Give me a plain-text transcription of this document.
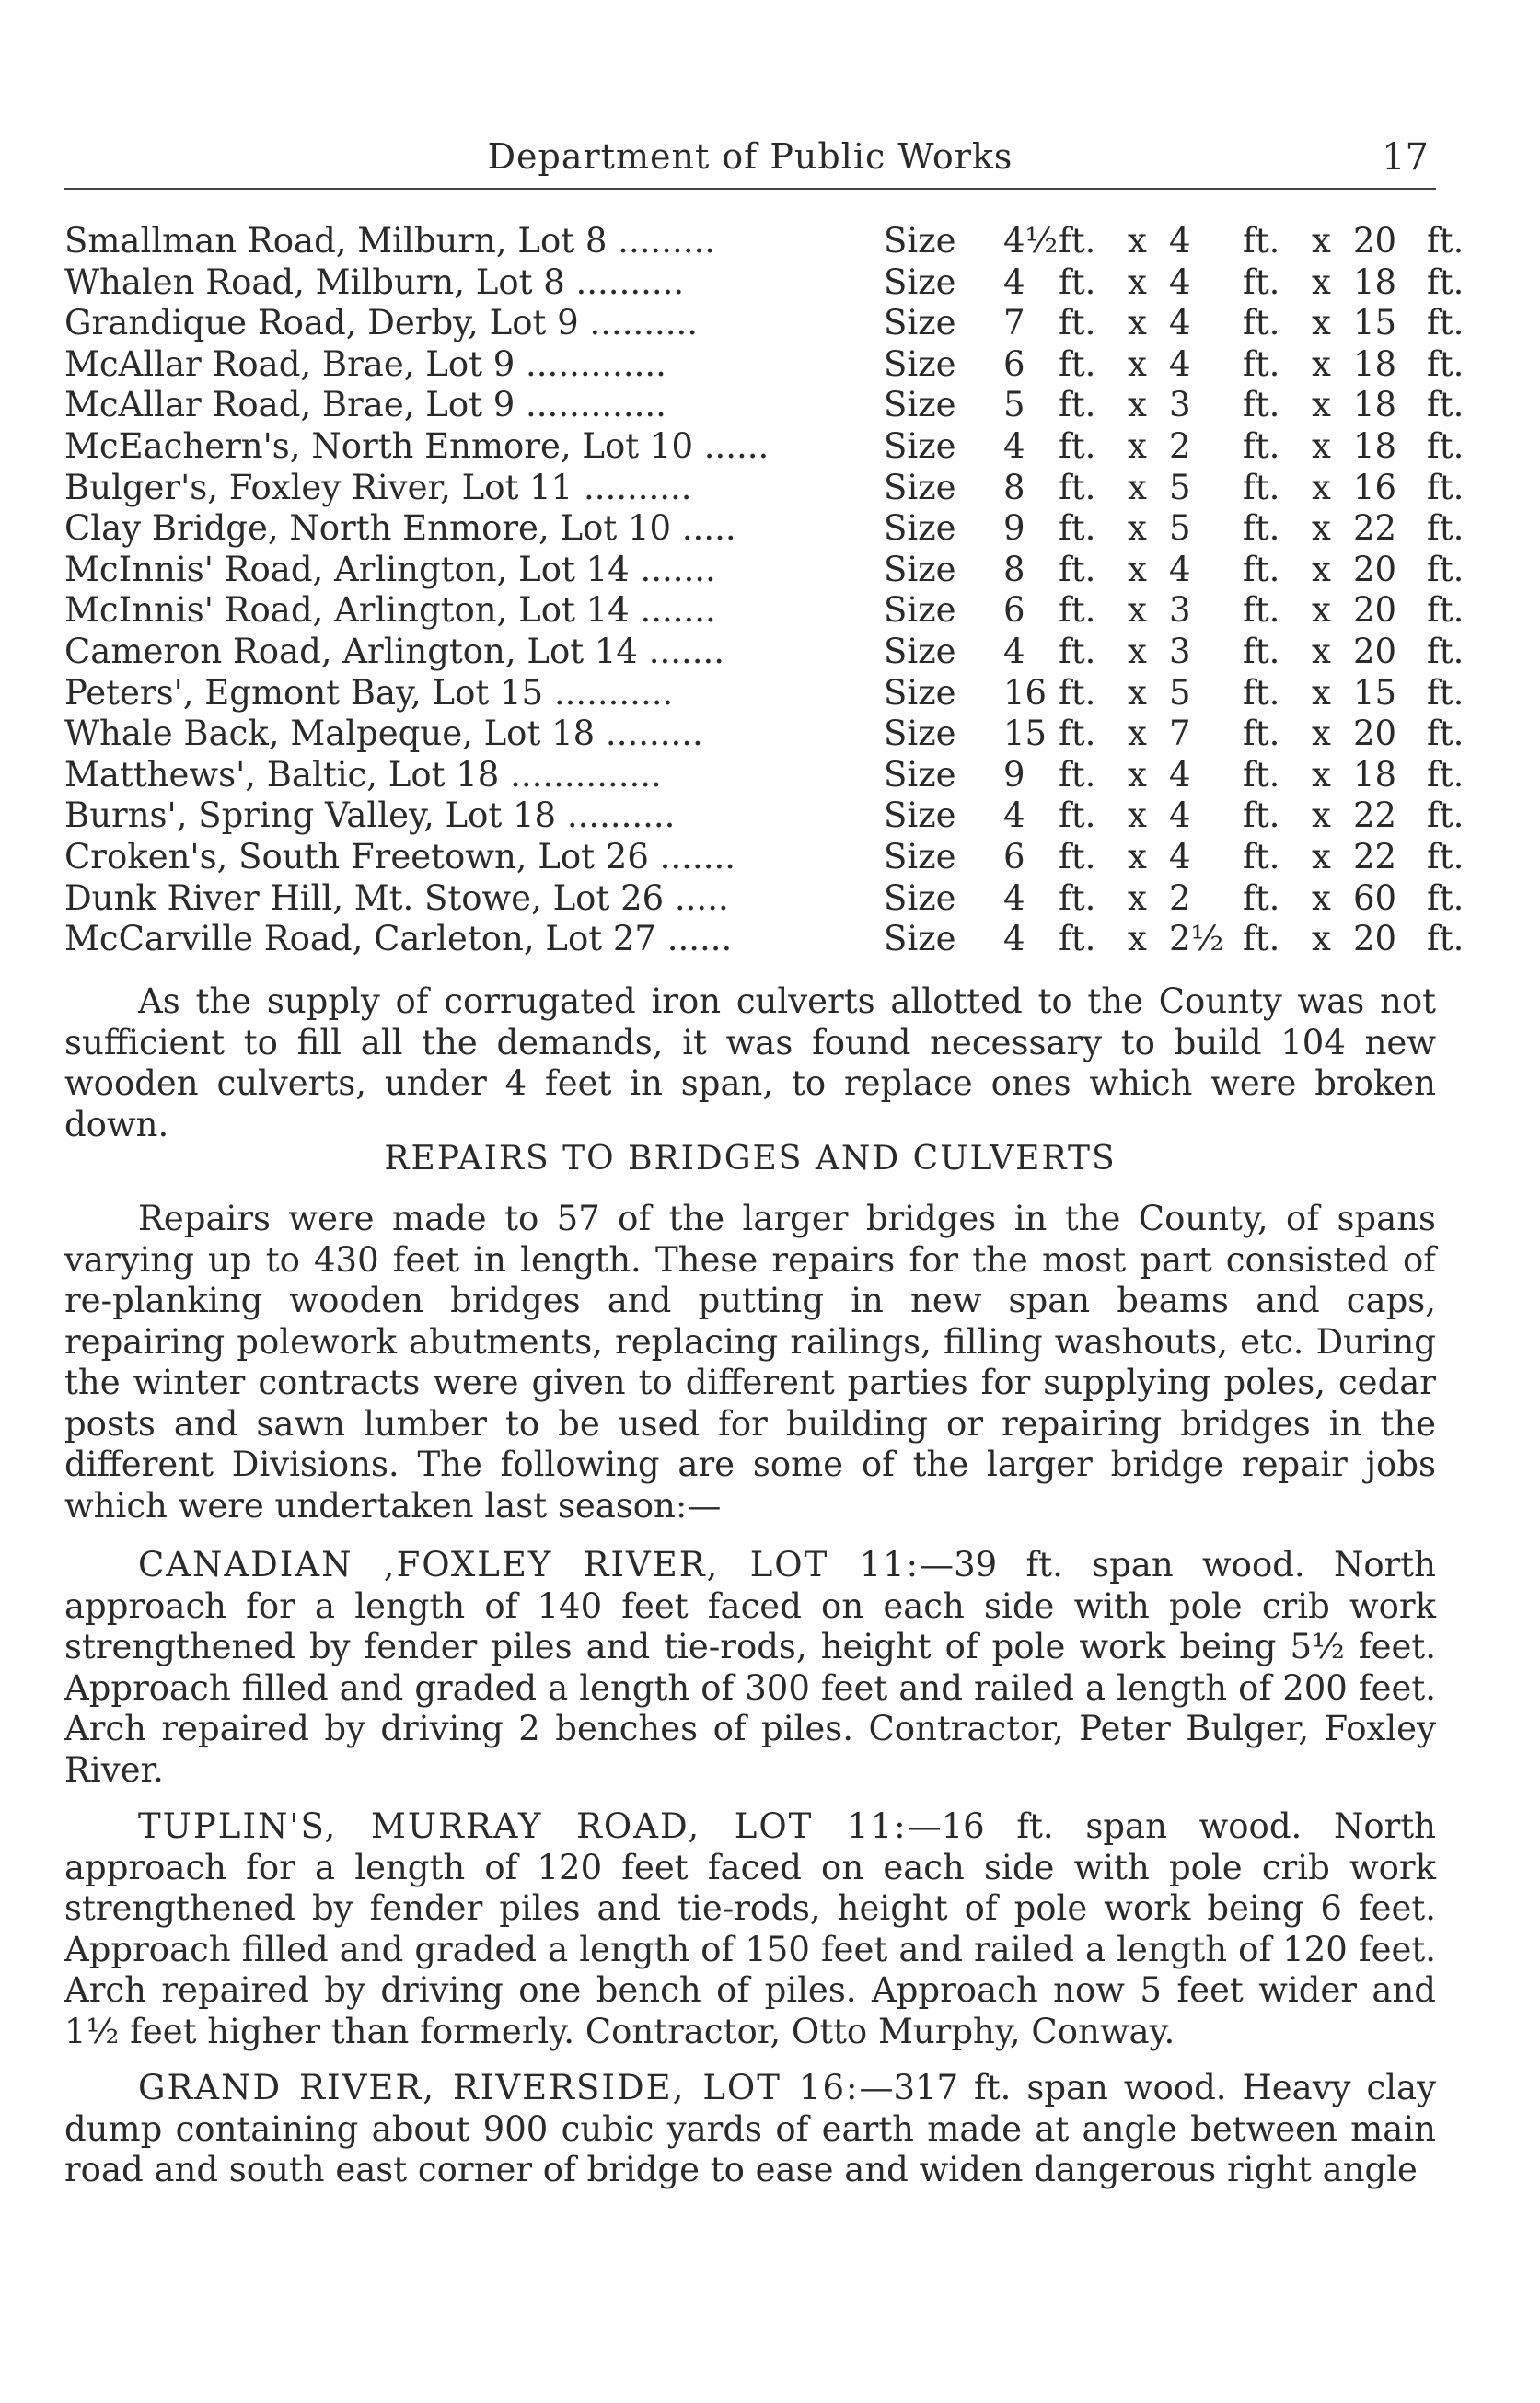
Department of Public Works	17
Smallman Road, Milburn, Lot 8 .........	Size 4½ ft. x 4 ft. x 20 ft.
Whalen Road, Milburn, Lot 8 ..........	Size 4 ft. x 4 ft. x 18 ft.
Grandique Road, Derby, Lot 9 ..........	Size 7 ft. x 4 ft. x 15 ft.
McAllar Road, Brae, Lot 9 .............	Size 6 ft. x 4 ft. x 18 ft.
McAllar Road, Brae, Lot 9 .............	Size 5 ft. x 3 ft. x 18 ft.
McEachern's, North Enmore, Lot 10 ......	Size 4 ft. x 2 ft. x 18 ft.
Bulger's, Foxley River, Lot 11 ..........	Size 8 ft. x 5 ft. x 16 ft.
Clay Bridge, North Enmore, Lot 10 .....	Size 9 ft. x 5 ft. x 22 ft.
McInnis' Road, Arlington, Lot 14 .......	Size 8 ft. x 4 ft. x 20 ft.
McInnis' Road, Arlington, Lot 14 .......	Size 6 ft. x 3 ft. x 20 ft.
Cameron Road, Arlington, Lot 14 .......	Size 4 ft. x 3 ft. x 20 ft.
Peters', Egmont Bay, Lot 15 ...........	Size 16 ft. x 5 ft. x 15 ft.
Whale Back, Malpeque, Lot 18 .........	Size 15 ft. x 7 ft. x 20 ft.
Matthews', Baltic, Lot 18 ..............	Size 9 ft. x 4 ft. x 18 ft.
Burns', Spring Valley, Lot 18 ..........	Size 4 ft. x 4 ft. x 22 ft.
Croken's, South Freetown, Lot 26 .......	Size 6 ft. x 4 ft. x 22 ft.
Dunk River Hill, Mt. Stowe, Lot 26 .....	Size 4 ft. x 2 ft. x 60 ft.
McCarville Road, Carleton, Lot 27 ......	Size 4 ft. x 2½ ft. x 20 ft.
As the supply of corrugated iron culverts allotted to the County was not sufficient to fill all the demands, it was found necessary to build 104 new wooden culverts, under 4 feet in span, to replace ones which were broken down.
REPAIRS TO BRIDGES AND CULVERTS
Repairs were made to 57 of the larger bridges in the County, of spans varying up to 430 feet in length. These repairs for the most part consisted of re-planking wooden bridges and putting in new span beams and caps, repairing polework abutments, replacing railings, filling washouts, etc. During the winter contracts were given to different parties for supplying poles, cedar posts and sawn lumber to be used for building or repairing bridges in the different Divisions. The following are some of the larger bridge repair jobs which were undertaken last season:—
CANADIAN ,FOXLEY RIVER, LOT 11:—39 ft. span wood. North approach for a length of 140 feet faced on each side with pole crib work strengthened by fender piles and tie-rods, height of pole work being 5½ feet. Approach filled and graded a length of 300 feet and railed a length of 200 feet. Arch repaired by driving 2 benches of piles. Contractor, Peter Bulger, Foxley River.
TUPLIN'S, MURRAY ROAD, LOT 11:—16 ft. span wood. North approach for a length of 120 feet faced on each side with pole crib work strengthened by fender piles and tie-rods, height of pole work being 6 feet. Approach filled and graded a length of 150 feet and railed a length of 120 feet. Arch repaired by driving one bench of piles. Approach now 5 feet wider and 1½ feet higher than formerly. Contractor, Otto Murphy, Conway.
GRAND RIVER, RIVERSIDE, LOT 16:—317 ft. span wood. Heavy clay dump containing about 900 cubic yards of earth made at angle between main road and south east corner of bridge to ease and widen dangerous right angle
